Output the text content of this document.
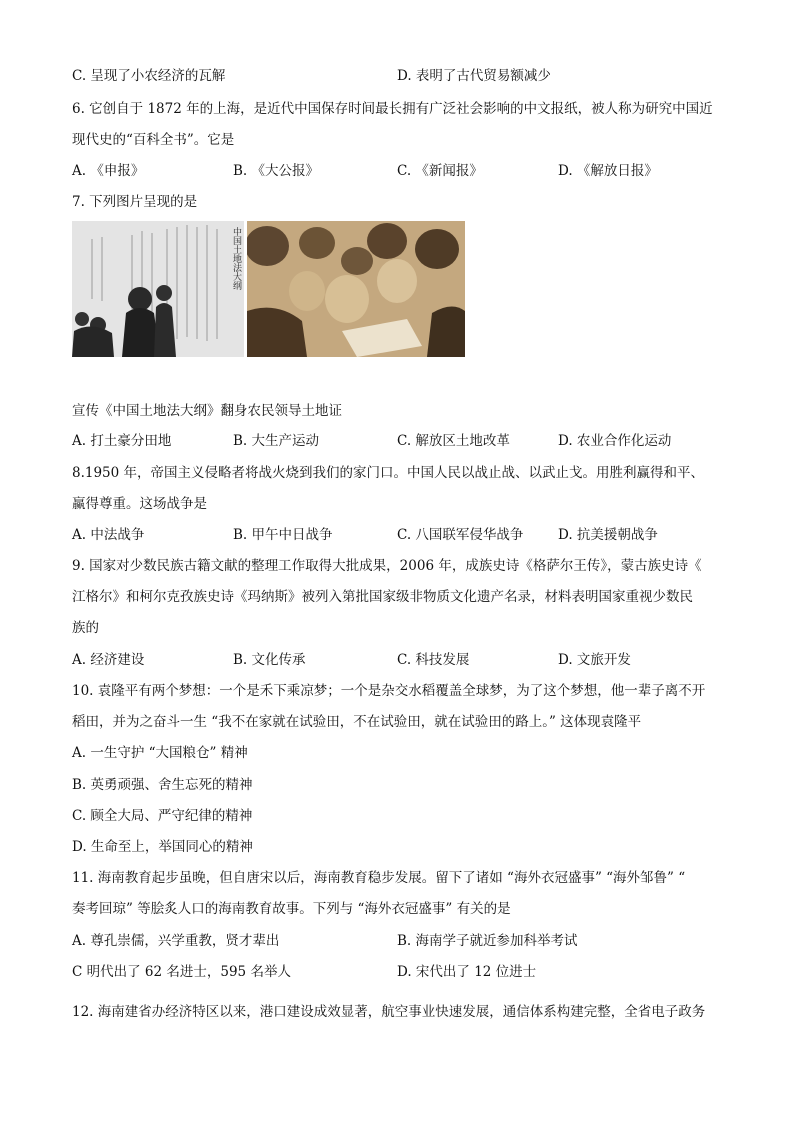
C. 呈现了小农经济的瓦解	D. 表明了古代贸易额减少
6. 它创自于 1872 年的上海，是近代中国保存时间最长拥有广泛社会影响的中文报纸，被人称为研究中国近
现代史的“百科全书”。它是
A. 《申报》	B. 《大公报》	C. 《新闻报》	D. 《解放日报》
7. 下列图片呈现的是
中国土地法大纲
宣传《中国土地法大纲》翻身农民领导土地证
A. 打土豪分田地	B. 大生产运动	C. 解放区土地改革	D. 农业合作化运动
8.1950 年，帝国主义侵略者将战火烧到我们的家门口。中国人民以战止战、以武止戈。用胜利赢得和平、
赢得尊重。这场战争是
A. 中法战争	B. 甲午中日战争	C. 八国联军侵华战争	D. 抗美援朝战争
9. 国家对少数民族古籍文献的整理工作取得大批成果，2006 年，成族史诗《格萨尔王传》，蒙古族史诗《
江格尔》和柯尔克孜族史诗《玛纳斯》被列入第批国家级非物质文化遗产名录，材料表明国家重视少数民
族的
A. 经济建设	B. 文化传承	C. 科技发展	D. 文旅开发
10. 袁隆平有两个梦想：一个是禾下乘凉梦；一个是杂交水稻覆盖全球梦，为了这个梦想，他一辈子离不开
稻田，并为之奋斗一生 “我不在家就在试验田，不在试验田，就在试验田的路上。” 这体现袁隆平
A. 一生守护 “大国粮仓” 精神
B. 英勇顽强、舍生忘死的精神
C. 顾全大局、严守纪律的精神
D. 生命至上，举国同心的精神
11. 海南教育起步虽晚，但自唐宋以后，海南教育稳步发展。留下了诸如 “海外衣冠盛事” “海外邹鲁” “
奏考回琼” 等脍炙人口的海南教育故事。下列与 “海外衣冠盛事” 有关的是
A. 尊孔崇儒，兴学重教，贤才辈出	B. 海南学子就近参加科举考试
C 明代出了 62 名进士，595 名举人	D. 宋代出了 12 位进士
12. 海南建省办经济特区以来，港口建设成效显著，航空事业快速发展，通信体系构建完整，全省电子政务
